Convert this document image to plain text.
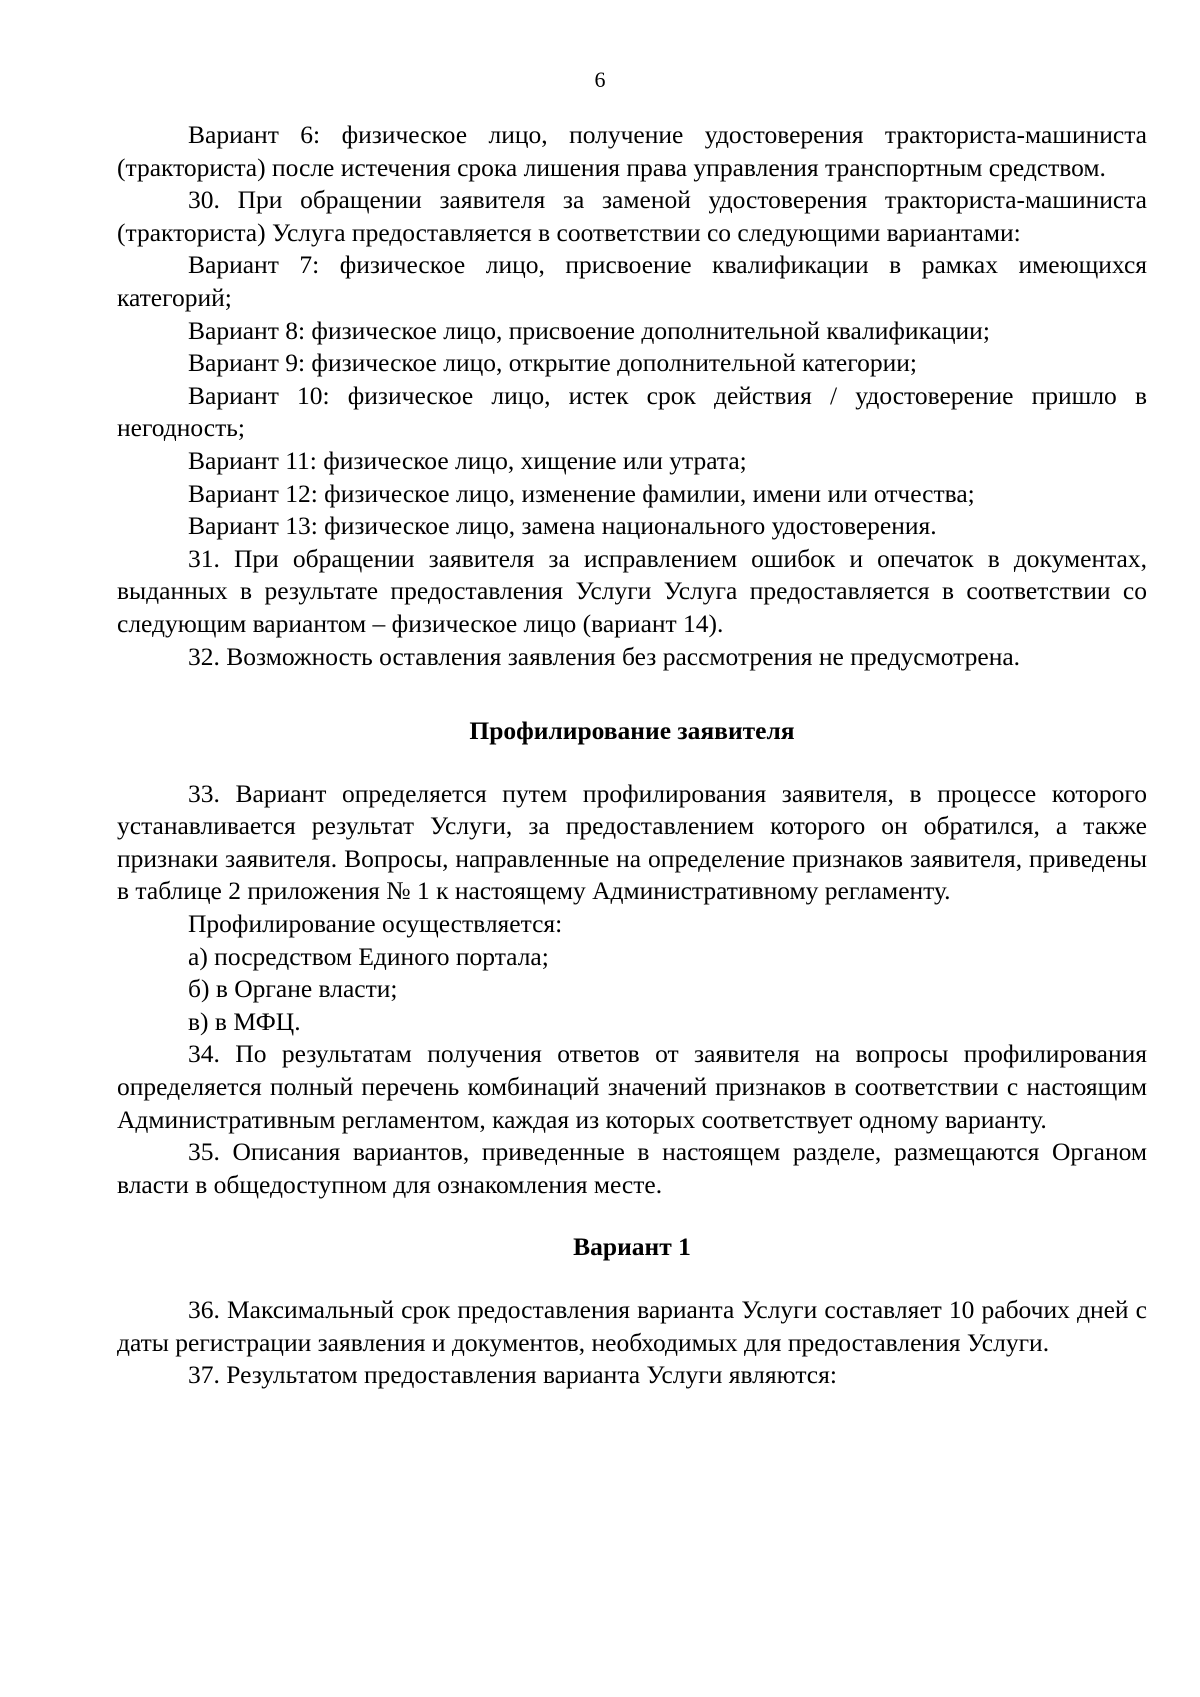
6

Вариант 6: физическое лицо, получение удостоверения тракториста-машиниста (тракториста) после истечения срока лишения права управления транспортным средством.

30. При обращении заявителя за заменой удостоверения тракториста-машиниста (тракториста) Услуга предоставляется в соответствии со следующими вариантами:

Вариант 7: физическое лицо, присвоение квалификации в рамках имеющихся категорий;

Вариант 8: физическое лицо, присвоение дополнительной квалификации;

Вариант 9: физическое лицо, открытие дополнительной категории;

Вариант 10: физическое лицо, истек срок действия / удостоверение пришло в негодность;

Вариант 11: физическое лицо, хищение или утрата;

Вариант 12: физическое лицо, изменение фамилии, имени или отчества;

Вариант 13: физическое лицо, замена национального удостоверения.

31. При обращении заявителя за исправлением ошибок и опечаток в документах, выданных в результате предоставления Услуги Услуга предоставляется в соответствии со следующим вариантом – физическое лицо (вариант 14).

32. Возможность оставления заявления без рассмотрения не предусмотрена.

Профилирование заявителя

33. Вариант определяется путем профилирования заявителя, в процессе которого устанавливается результат Услуги, за предоставлением которого он обратился, а также признаки заявителя. Вопросы, направленные на определение признаков заявителя, приведены в таблице 2 приложения № 1 к настоящему Административному регламенту.

Профилирование осуществляется:

а) посредством Единого портала;

б) в Органе власти;

в) в МФЦ.

34. По результатам получения ответов от заявителя на вопросы профилирования определяется полный перечень комбинаций значений признаков в соответствии с настоящим Административным регламентом, каждая из которых соответствует одному варианту.

35. Описания вариантов, приведенные в настоящем разделе, размещаются Органом власти в общедоступном для ознакомления месте.

Вариант 1

36. Максимальный срок предоставления варианта Услуги составляет 10 рабочих дней с даты регистрации заявления и документов, необходимых для предоставления Услуги.

37. Результатом предоставления варианта Услуги являются:
